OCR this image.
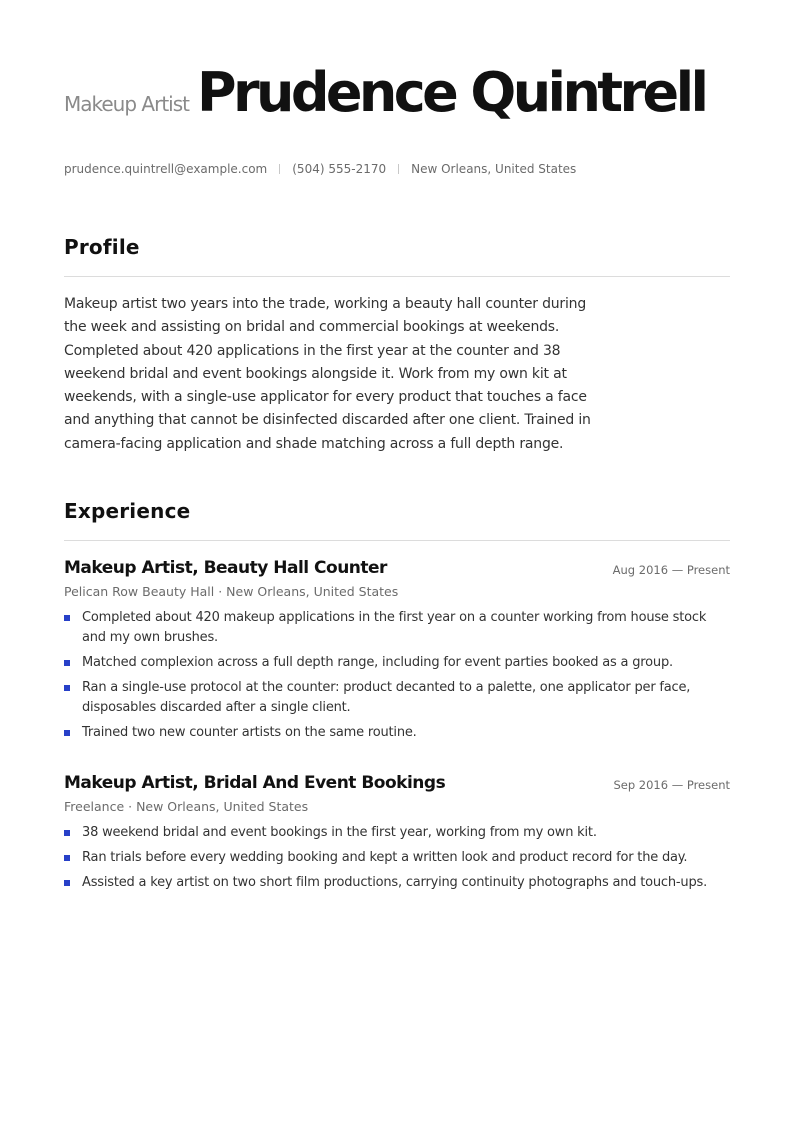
Makeup Artist Prudence Quintrell
prudence.quintrell@example.com (504) 555-2170 New Orleans, United States
Profile
Makeup artist two years into the trade, working a beauty hall counter during the week and assisting on bridal and commercial bookings at weekends. Completed about 420 applications in the first year at the counter and 38 weekend bridal and event bookings alongside it. Work from my own kit at weekends, with a single-use applicator for every product that touches a face and anything that cannot be disinfected discarded after one client. Trained in camera-facing application and shade matching across a full depth range.
Experience
Makeup Artist, Beauty Hall Counter	Aug 2016 — Present
Pelican Row Beauty Hall · New Orleans, United States
Completed about 420 makeup applications in the first year on a counter working from house stock and my own brushes.
Matched complexion across a full depth range, including for event parties booked as a group.
Ran a single-use protocol at the counter: product decanted to a palette, one applicator per face, disposables discarded after a single client.
Trained two new counter artists on the same routine.
Makeup Artist, Bridal And Event Bookings	Sep 2016 — Present
Freelance · New Orleans, United States
38 weekend bridal and event bookings in the first year, working from my own kit.
Ran trials before every wedding booking and kept a written look and product record for the day.
Assisted a key artist on two short film productions, carrying continuity photographs and touch-ups.
